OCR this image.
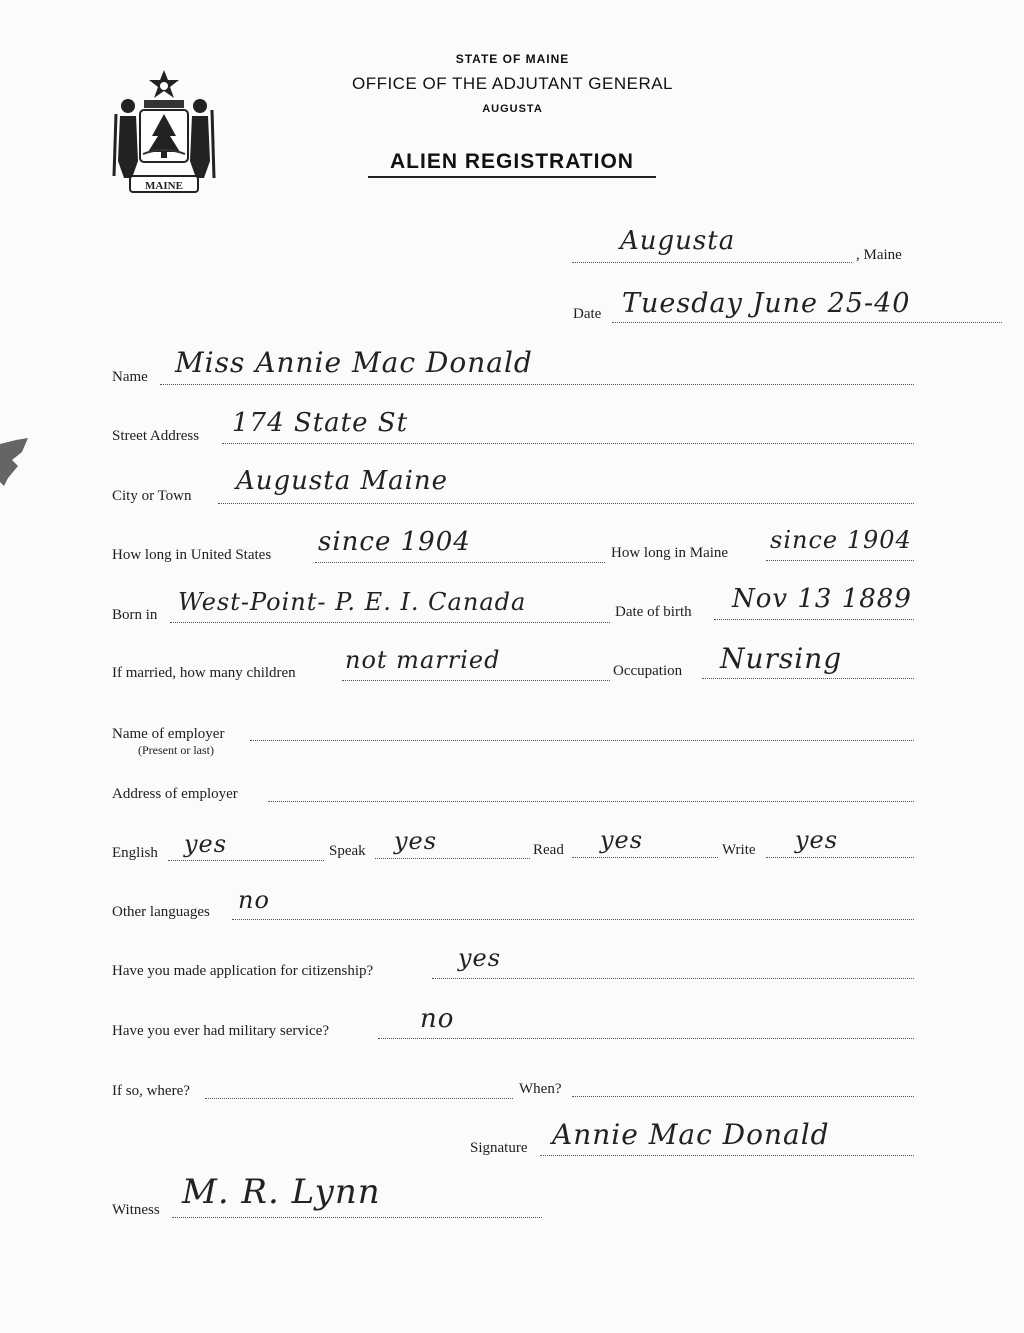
MAINE
STATE OF MAINE
OFFICE OF THE ADJUTANT GENERAL
AUGUSTA
ALIEN REGISTRATION
Augusta	, Maine
Date Tuesday June 25-40
Name Miss Annie Mac Donald
Street Address 174 State St
City or Town Augusta Maine
How long in United States since 1904	How long in Maine since 1904
Born in West-Point- P. E. I. Canada	Date of birth Nov 13 1889
If married, how many children not married	Occupation Nursing
Name of employer
(Present or last)
Address of employer
English yes	Speak yes	Read yes	Write yes
Other languages no
Have you made application for citizenship?	yes
Have you ever had military service?	no
If so, where?	When?
Signature Annie Mac Donald
Witness M. R. Lynn
